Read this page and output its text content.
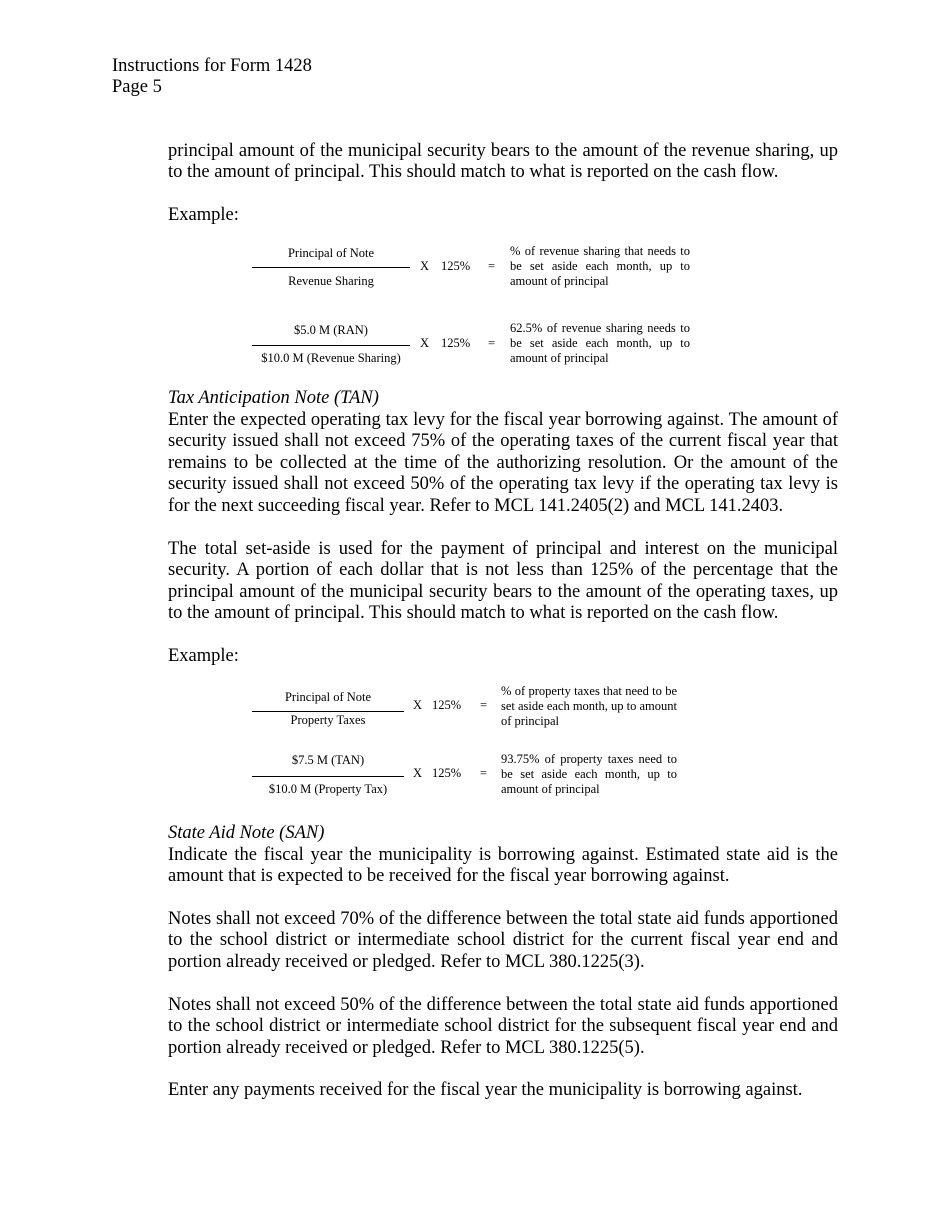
Instructions for Form 1428
Page 5
principal amount of the municipal security bears to the amount of the revenue sharing, up
to the amount of principal. This should match to what is reported on the cash flow.
Example:
Principal of Note
Revenue Sharing
X 125% =
% of revenue sharing that needs to be set aside each month, up to amount of principal
$5.0 M (RAN)
$10.0 M (Revenue Sharing)
X 125% =
62.5% of revenue sharing needs to be set aside each month, up to amount of principal
Tax Anticipation Note (TAN)

Enter the expected operating tax levy for the fiscal year borrowing against. The amount of security issued shall not exceed 75% of the operating taxes of the current fiscal year that remains to be collected at the time of the authorizing resolution. Or the amount of the security issued shall not exceed 50% of the operating tax levy if the operating tax levy is for the next succeeding fiscal year. Refer to MCL 141.2405(2) and MCL 141.2403.

The total set-aside is used for the payment of principal and interest on the municipal security. A portion of each dollar that is not less than 125% of the percentage that the principal amount of the municipal security bears to the amount of the operating taxes, up to the amount of principal. This should match to what is reported on the cash flow.

Example:
Principal of Note
Property Taxes
X 125% =
% of property taxes that need to be set aside each month, up to amount of principal
$7.5 M (TAN)
$10.0 M (Property Tax)
X 125% =
93.75% of property taxes need to be set aside each month, up to amount of principal
State Aid Note (SAN)

Indicate the fiscal year the municipality is borrowing against. Estimated state aid is the amount that is expected to be received for the fiscal year borrowing against.

Notes shall not exceed 70% of the difference between the total state aid funds apportioned to the school district or intermediate school district for the current fiscal year end and portion already received or pledged. Refer to MCL 380.1225(3).

Notes shall not exceed 50% of the difference between the total state aid funds apportioned to the school district or intermediate school district for the subsequent fiscal year end and portion already received or pledged. Refer to MCL 380.1225(5).

Enter any payments received for the fiscal year the municipality is borrowing against.
